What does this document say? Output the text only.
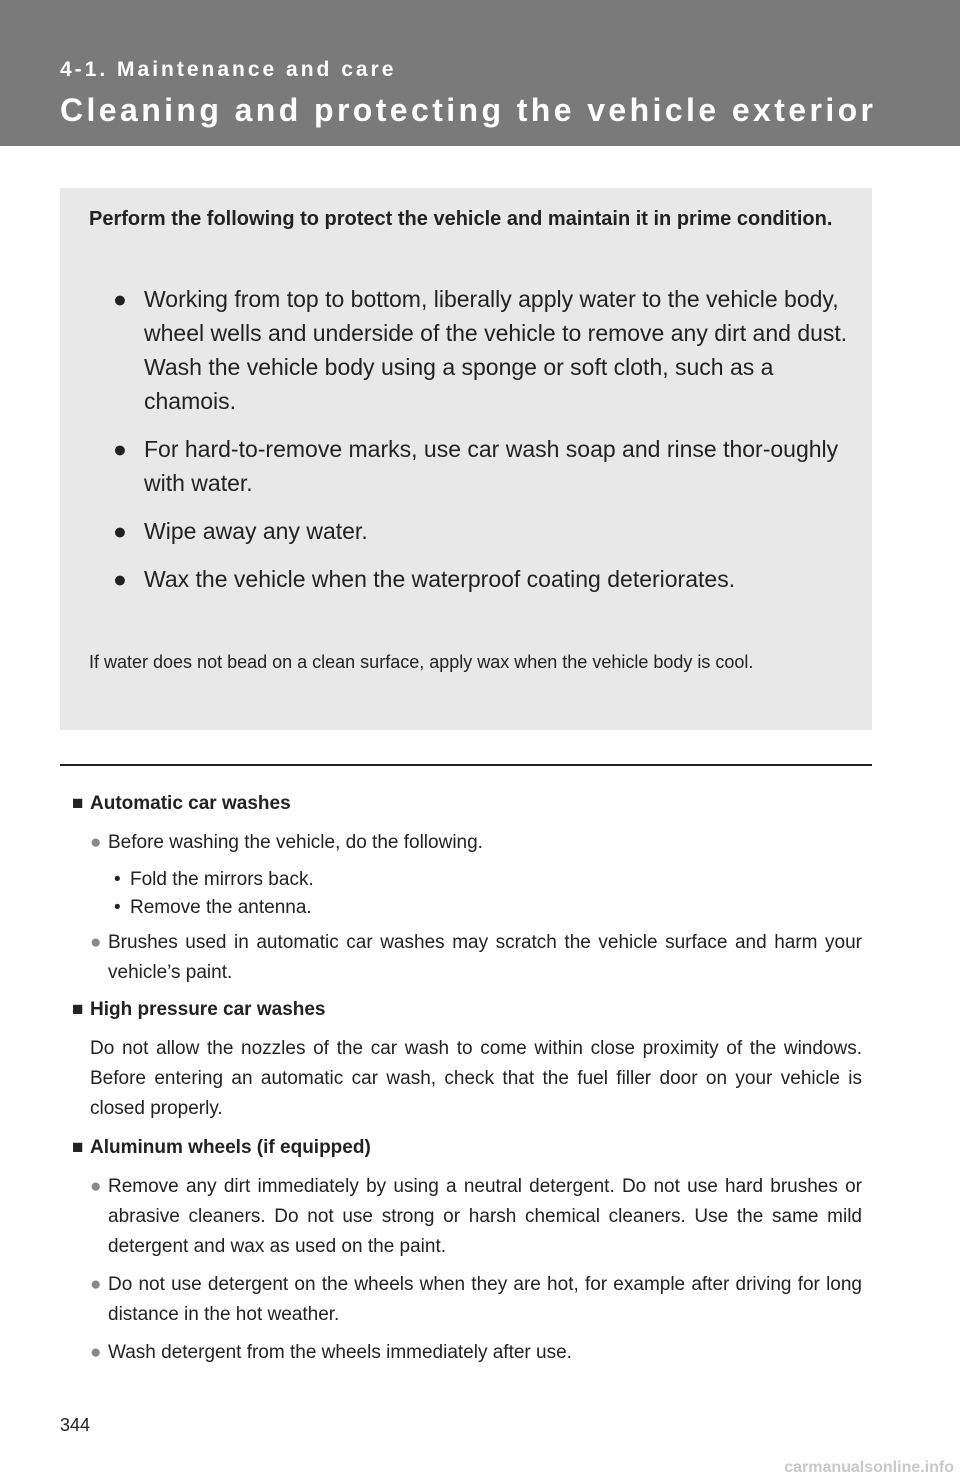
4-1. Maintenance and care
Cleaning and protecting the vehicle exterior
Perform the following to protect the vehicle and maintain it in prime condition.
● Working from top to bottom, liberally apply water to the vehicle body, wheel wells and underside of the vehicle to remove any dirt and dust.

Wash the vehicle body using a sponge or soft cloth, such as a chamois.

● For hard-to-remove marks, use car wash soap and rinse thor-oughly with water.

● Wipe away any water.

● Wax the vehicle when the waterproof coating deteriorates.

If water does not bead on a clean surface, apply wax when the vehicle body is cool.
■ Automatic car washes
● Before washing the vehicle, do the following.
• Fold the mirrors back.
• Remove the antenna.
● Brushes used in automatic car washes may scratch the vehicle surface and harm your vehicle’s paint.
■ High pressure car washes
Do not allow the nozzles of the car wash to come within close proximity of the windows. Before entering an automatic car wash, check that the fuel filler door on your vehicle is closed properly.
■ Aluminum wheels (if equipped)
● Remove any dirt immediately by using a neutral detergent. Do not use hard brushes or abrasive cleaners. Do not use strong or harsh chemical cleaners. Use the same mild detergent and wax as used on the paint.
● Do not use detergent on the wheels when they are hot, for example after driving for long distance in the hot weather.
● Wash detergent from the wheels immediately after use.
344
carmanualsonline.info
